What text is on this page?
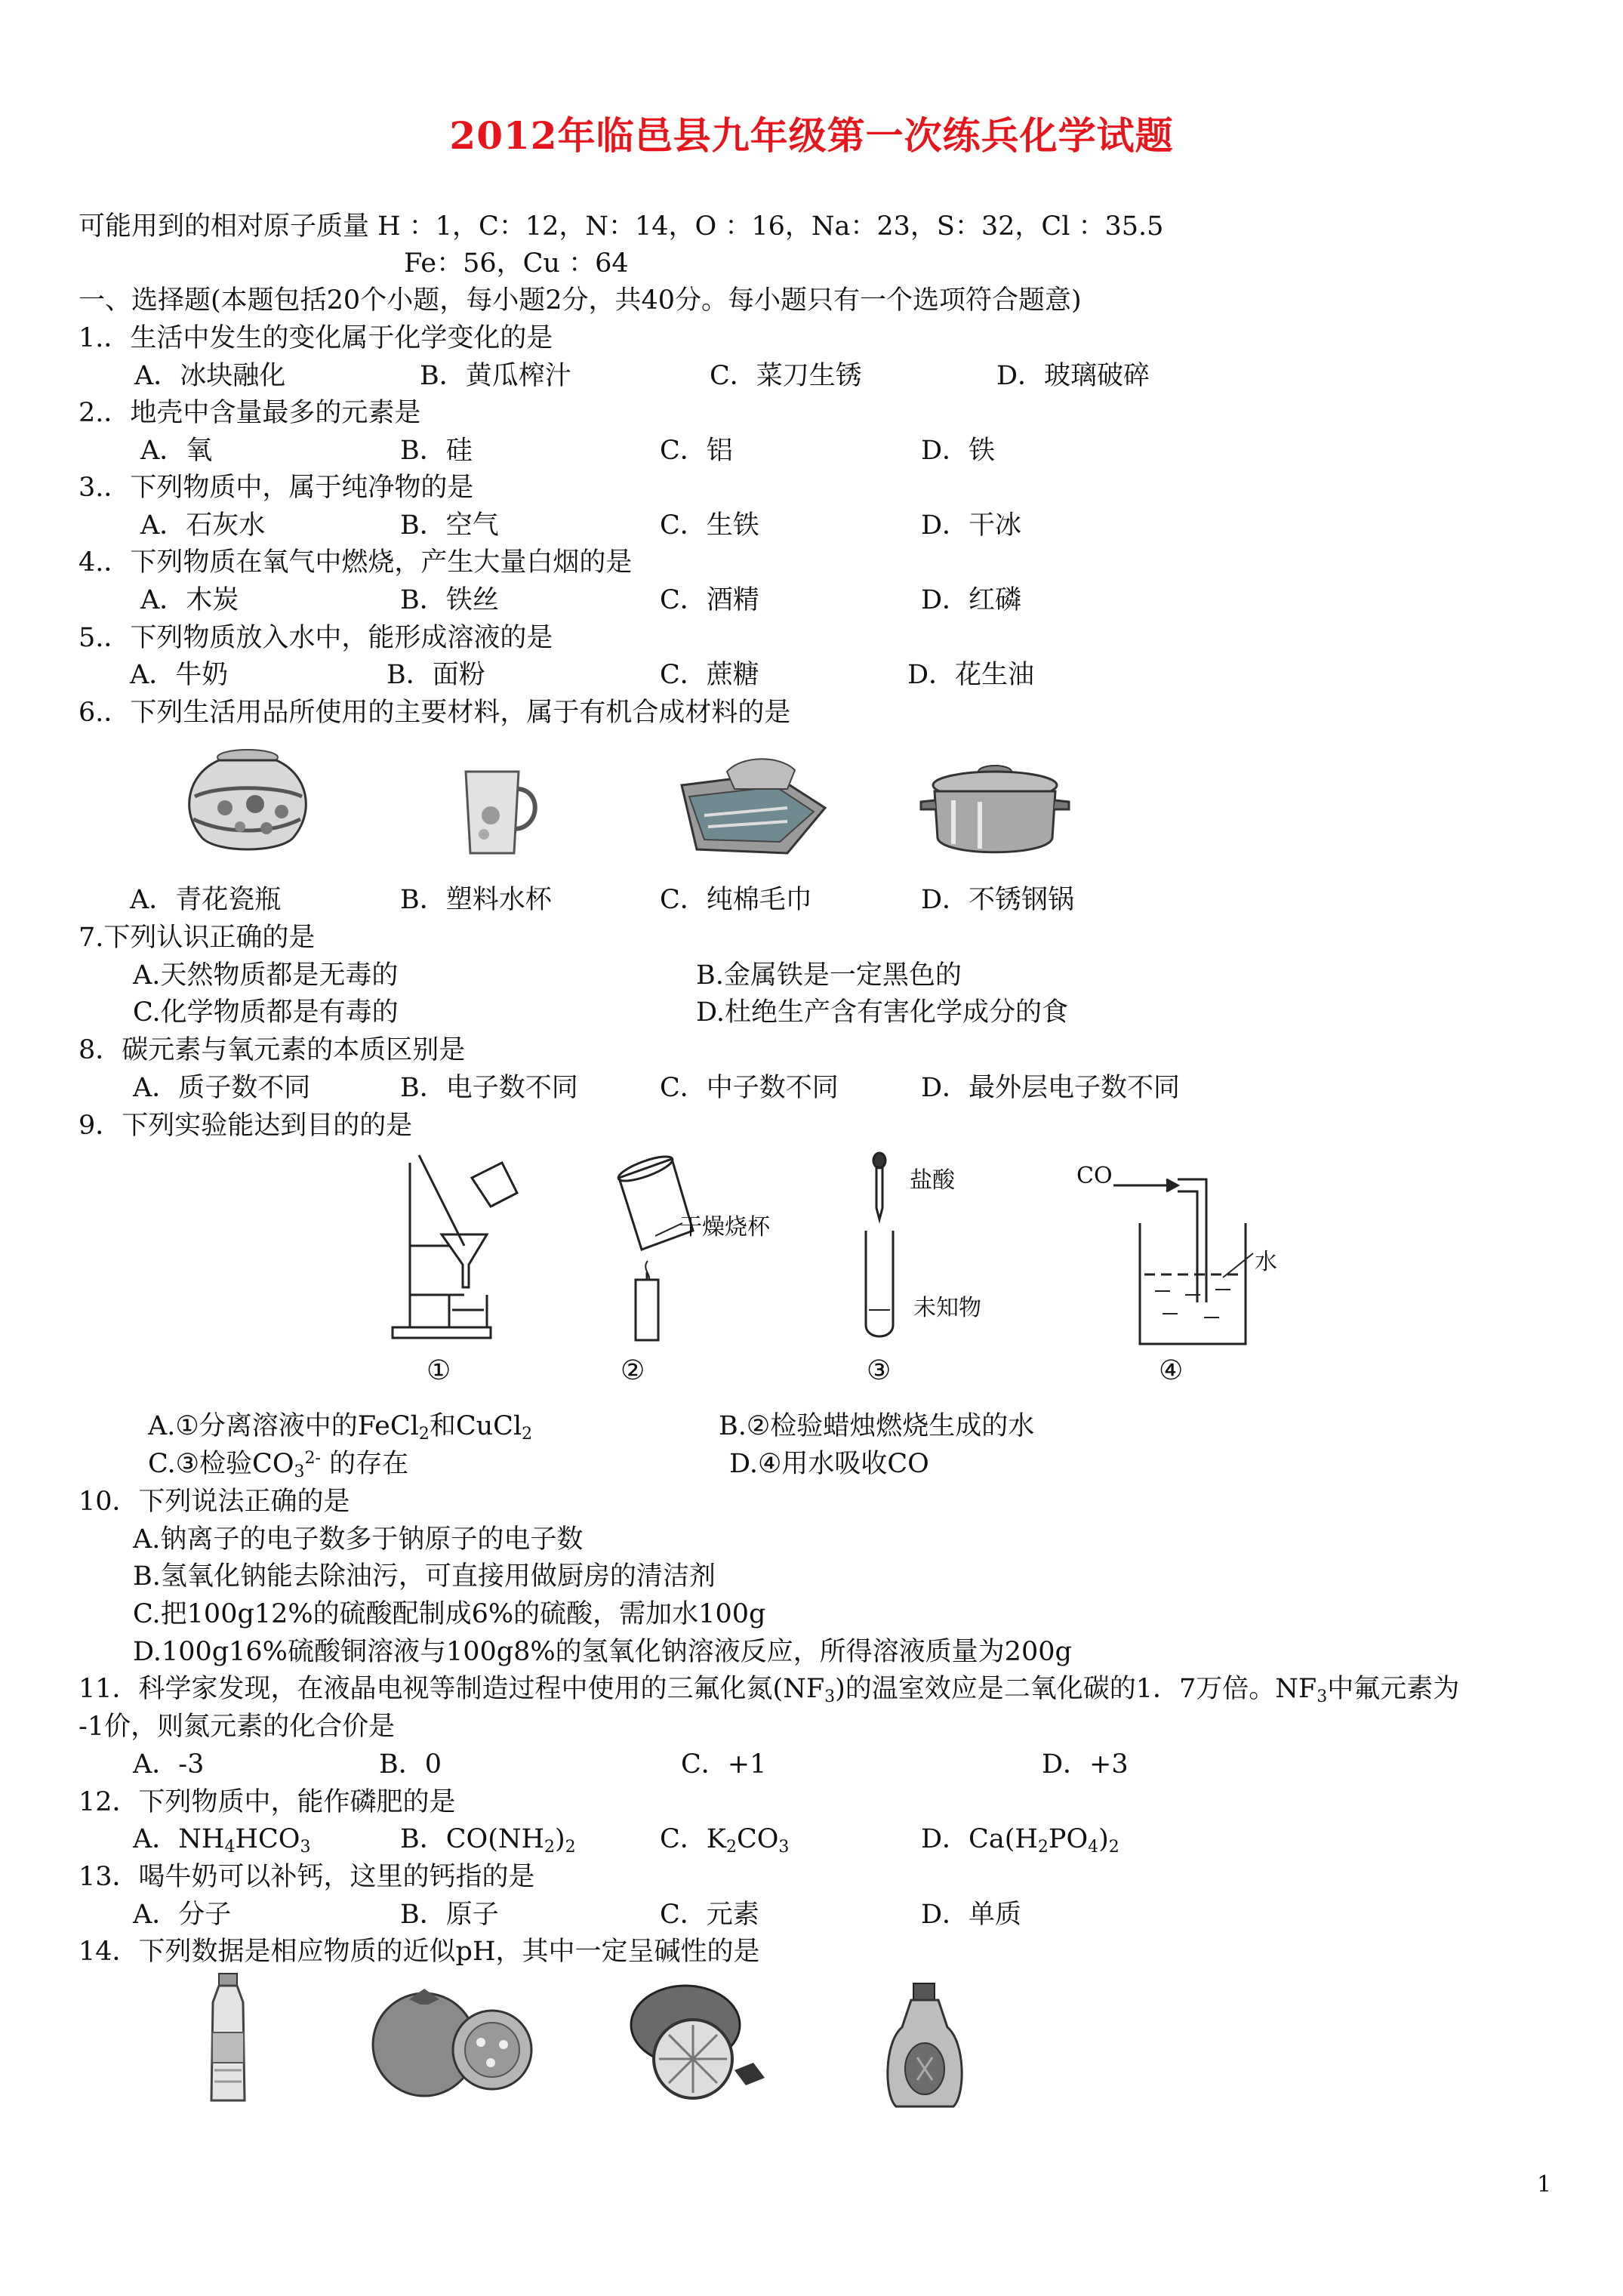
2012年临邑县九年级第一次练兵化学试题
可能用到的相对原子质量 H ：1，C：12，N：14，O ：16，Na：23，S：32，Cl ：35.5
Fe：56，Cu ：64
一、选择题(本题包括20个小题，每小题2分，共40分。每小题只有一个选项符合题意)
1.．生活中发生的变化属于化学变化的是
A．冰块融化	B．黄瓜榨汁	C．菜刀生锈	D．玻璃破碎
2.．地壳中含量最多的元素是
A．氧	B．硅	C．铝	D．铁
3.．下列物质中，属于纯净物的是
A．石灰水	B．空气	C．生铁	D．干冰
4.．下列物质在氧气中燃烧，产生大量白烟的是
A．木炭	B．铁丝	C．酒精	D．红磷
5.．下列物质放入水中，能形成溶液的是
A．牛奶	B．面粉	C．蔗糖	D．花生油
6.．下列生活用品所使用的主要材料，属于有机合成材料的是
A．青花瓷瓶	B．塑料水杯	C．纯棉毛巾	D．不锈钢锅
7.下列认识正确的是
A.天然物质都是无毒的	B.金属铁是一定黑色的
C.化学物质都是有毒的	D.杜绝生产含有害化学成分的食
8．碳元素与氧元素的本质区别是
A．质子数不同	B．电子数不同	C．中子数不同	D．最外层电子数不同
9．下列实验能达到目的的是
干燥烧杯
盐酸
未知物
CO
水
①	②	③	④
A.①分离溶液中的FeCl$_2$和CuCl$_2$	B.②检验蜡烛燃烧生成的水
C.③检验$CO_3^{2-}$ 的存在	D.④用水吸收CO
10．下列说法正确的是
A.钠离子的电子数多于钠原子的电子数
B.氢氧化钠能去除油污，可直接用做厨房的清洁剂
C.把100g12%的硫酸配制成6%的硫酸，需加水100g
D.100g16%硫酸铜溶液与100g8%的氢氧化钠溶液反应，所得溶液质量为200g
11．科学家发现，在液晶电视等制造过程中使用的三氟化氮$(NF_3)$的温室效应是二氧化碳的1．7万倍。$NF_3$中氟元素为
-1价，则氮元素的化合价是
A．-3	B．0	C．+1	D．+3
12．下列物质中，能作磷肥的是
A．$NH_4HCO_3$	B．$CO(NH_2)_2$	C．$K_2CO_3$	D．$Ca(H_2PO_4)_2$
13．喝牛奶可以补钙，这里的钙指的是
A．分子	B．原子	C．元素	D．单质
14．下列数据是相应物质的近似pH，其中一定呈碱性的是
1
